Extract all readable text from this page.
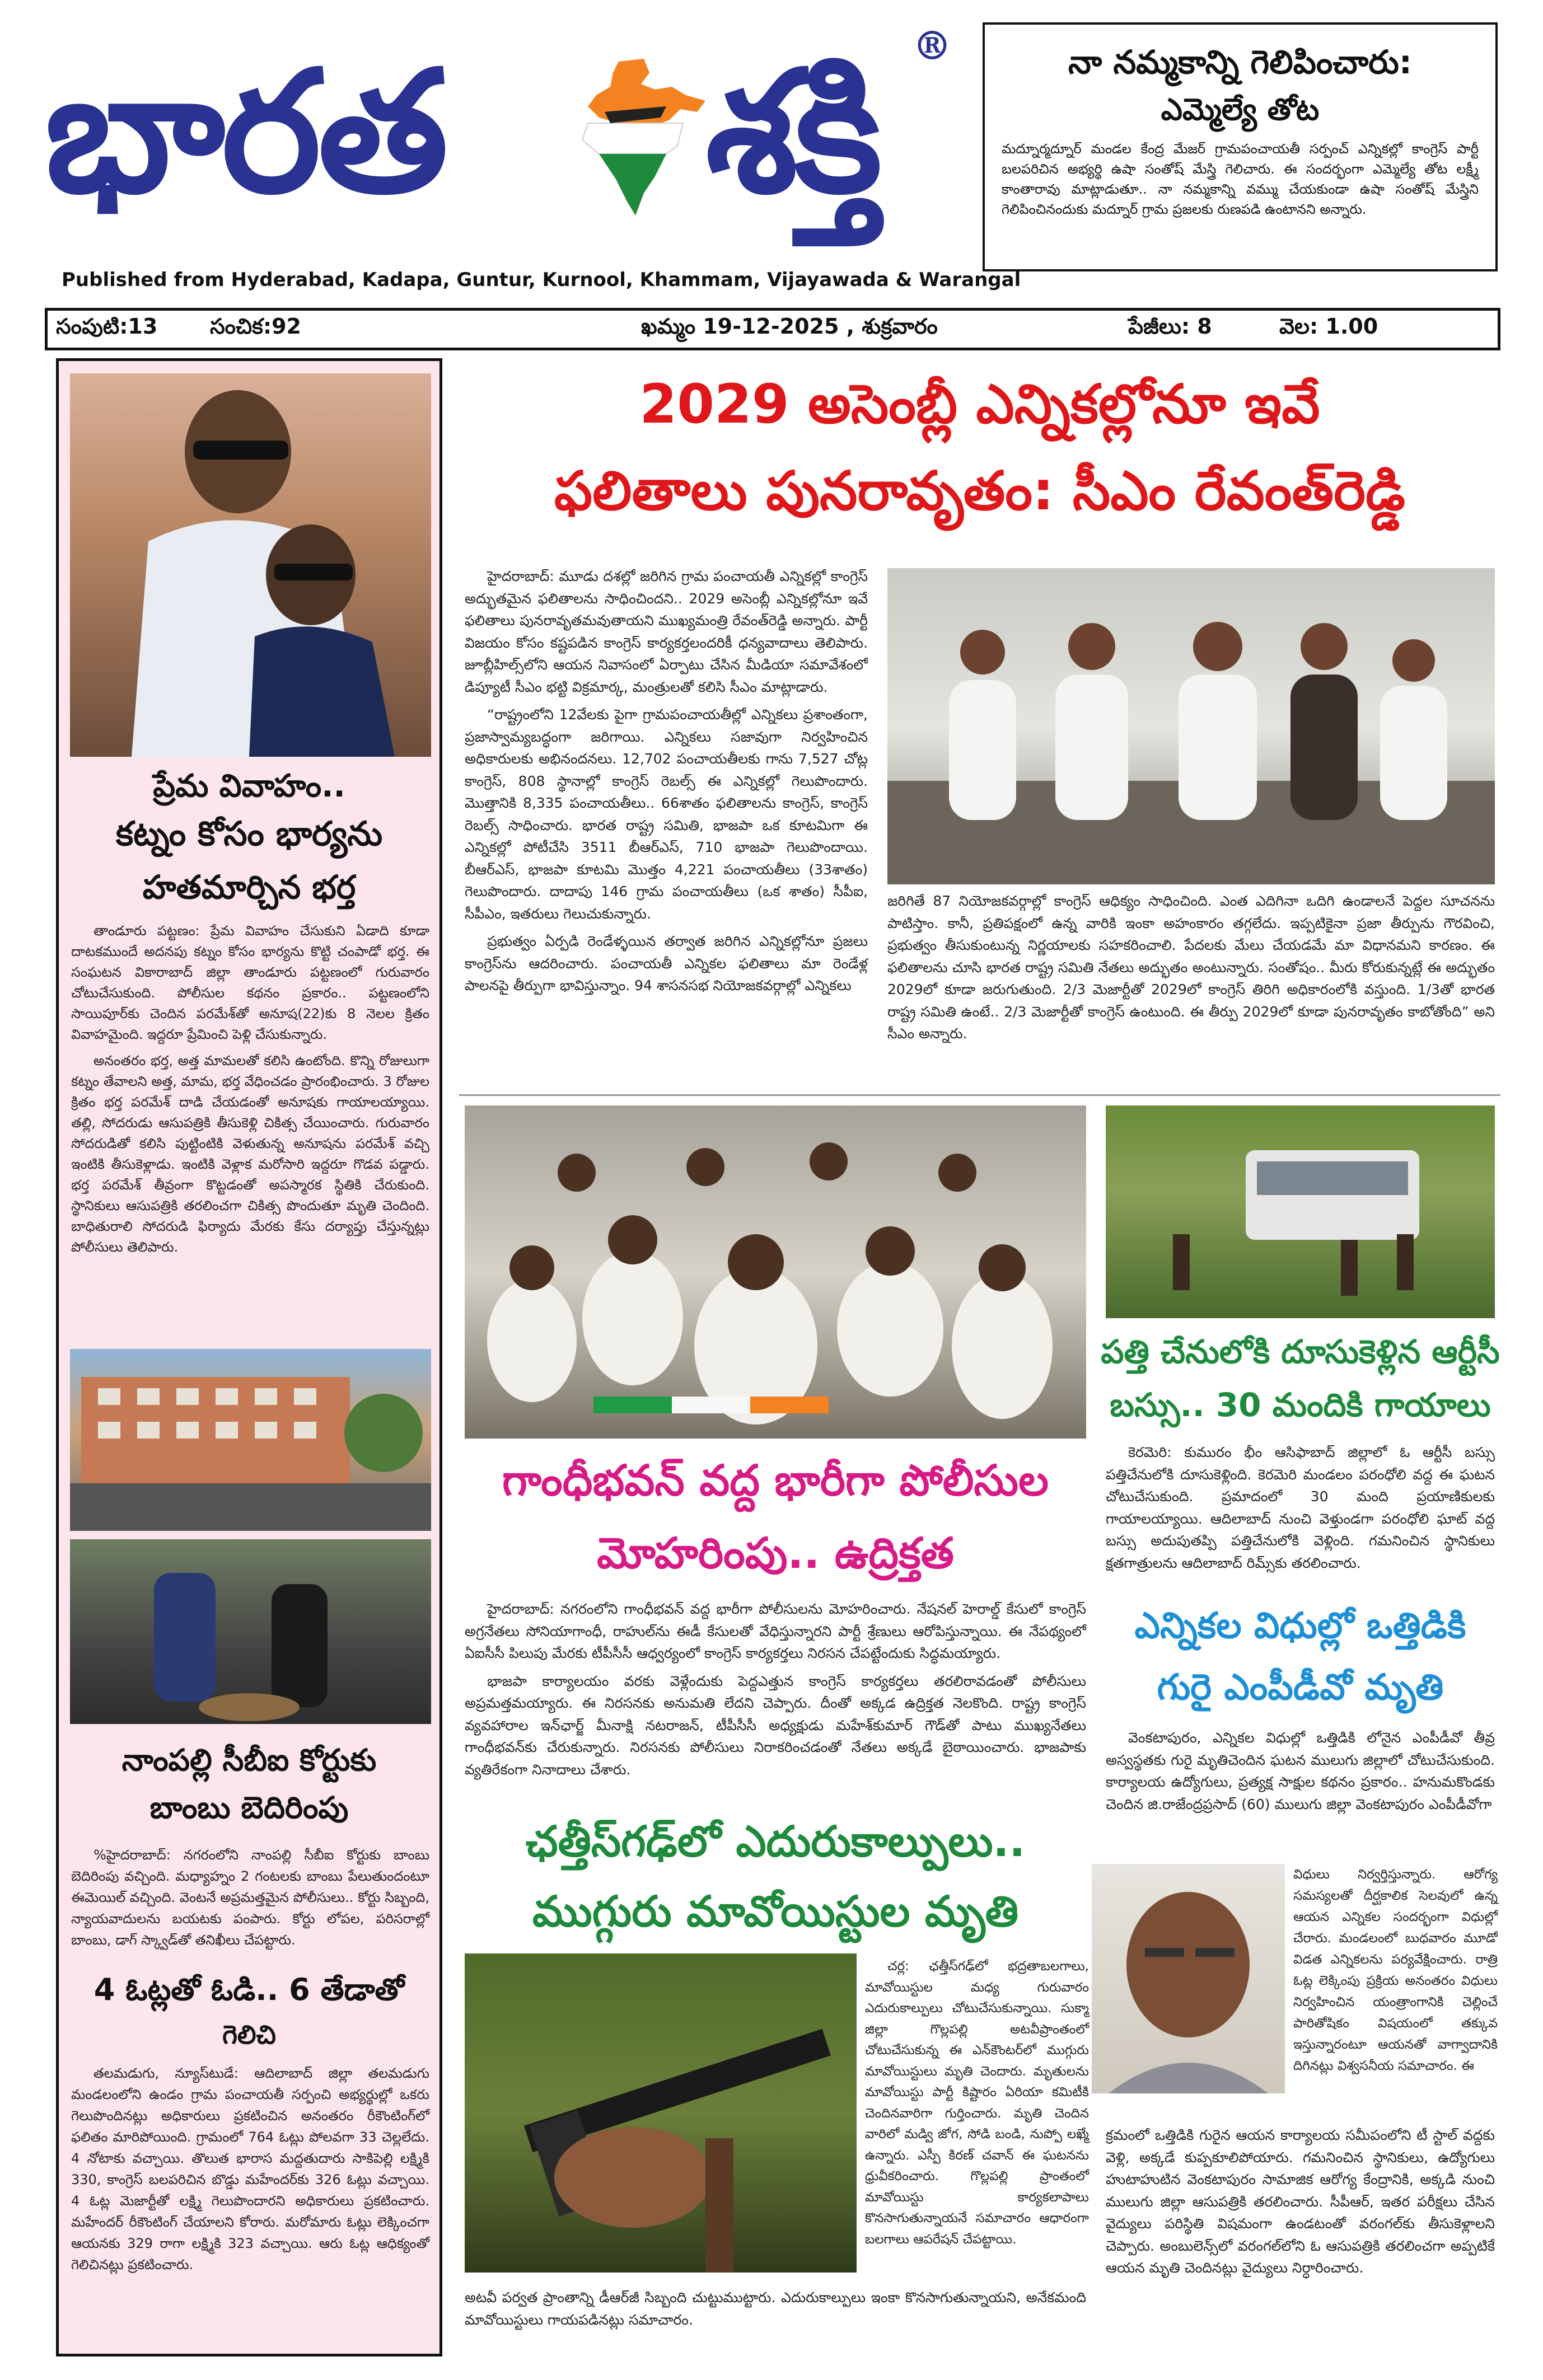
భారత శక్తి ®
Published from Hyderabad, Kadapa, Guntur, Kurnool, Khammam, Vijayawada & Warangal
నా నమ్మకాన్ని గెలిపించారు:
ఎమ్మెల్యే తోట
మద్నూర్మద్నూర్ మండల కేంద్ర మేజర్ గ్రామపంచాయతీ సర్పంచ్ ఎన్నికల్లో కాంగ్రెస్ పార్టీ బలపరిచిన అభ్యర్థి ఉషా సంతోష్ మేస్త్రి గెలిచారు. ఈ సందర్భంగా ఎమ్మెల్యే తోట లక్ష్మీ కాంతారావు మాట్లాడుతూ.. నా నమ్మకాన్ని వమ్ము చేయకుండా ఉషా సంతోష్ మేస్త్రిని గెలిపించినందుకు మద్నూర్ గ్రామ ప్రజలకు రుణపడి ఉంటానని అన్నారు.
సంపుటి:13 సంచిక:92	ఖమ్మం 19-12-2025 , శుక్రవారం	పేజీలు: 8	వెల: 1.00
ప్రేమ వివాహం..
కట్నం కోసం భార్యను
హతమార్చిన భర్త

తాండూరు పట్టణం: ప్రేమ వివాహం చేసుకుని ఏడాది కూడా దాటకముందే అదనపు కట్నం కోసం భార్యను కొట్టి చంపాడో భర్త. ఈ సంఘటన వికారాబాద్ జిల్లా తాండూరు పట్టణంలో గురువారం చోటుచేసుకుంది. పోలీసుల కథనం ప్రకారం.. పట్టణంలోని సాయిపూర్‌కు చెందిన పరమేశ్‌తో అనూష(22)కు 8 నెలల క్రితం వివాహమైంది. ఇద్దరూ ప్రేమించి పెళ్లి చేసుకున్నారు.

అనంతరం భర్త, అత్త మామలతో కలిసి ఉంటోంది. కొన్ని రోజులుగా కట్నం తేవాలని అత్త, మామ, భర్త వేధించడం ప్రారంభించారు. 3 రోజుల క్రితం భర్త పరమేశ్ దాడి చేయడంతో అనూషకు గాయాలయ్యాయి. తల్లి, సోదరుడు ఆసుపత్రికి తీసుకెళ్లి చికిత్స చేయించారు. గురువారం సోదరుడితో కలిసి పుట్టింటికి వెళుతున్న అనూషను పరమేశ్ వచ్చి ఇంటికి తీసుకెళ్లాడు. ఇంటికి వెళ్లాక మరోసారి ఇద్దరూ గొడవ పడ్డారు. భర్త పరమేశ్ తీవ్రంగా కొట్టడంతో అపస్మారక స్థితికి చేరుకుంది. స్థానికులు ఆసుపత్రికి తరలించగా చికిత్స పొందుతూ మృతి చెందింది. బాధితురాలి సోదరుడి ఫిర్యాదు మేరకు కేసు దర్యాప్తు చేస్తున్నట్లు పోలీసులు తెలిపారు.

నాంపల్లి సీబీఐ కోర్టుకు
బాంబు బెదిరింపు

%హైదరాబాద్: నగరంలోని నాంపల్లి సీబీఐ కోర్టుకు బాంబు బెదిరింపు వచ్చింది. మధ్యాహ్నం 2 గంటలకు బాంబు పేలుతుందంటూ ఈమెయిల్ వచ్చింది. వెంటనే అప్రమత్తమైన పోలీసులు.. కోర్టు సిబ్బంది, న్యాయవాదులను బయటకు పంపారు. కోర్టు లోపల, పరిసరాల్లో బాంబు, డాగ్ స్క్వాడ్‌తో తనిఖీలు చేపట్టారు.

4 ఓట్లతో ఓడి.. 6 తేడాతో
గెలిచి

తలమడుగు, న్యూస్‌టుడే: ఆదిలాబాద్ జిల్లా తలమడుగు మండలంలోని ఉండం గ్రామ పంచాయతీ సర్పంచి అభ్యర్థుల్లో ఒకరు గెలుపొందినట్లు అధికారులు ప్రకటించిన అనంతరం రీకౌంటింగ్‌లో ఫలితం మారిపోయింది. గ్రామంలో 764 ఓట్లు పోలవగా 33 చెల్లలేదు. 4 నోటాకు వచ్చాయి. తొలుత భారాస మద్దతుదారు సాకిపెల్లి లక్ష్మికి 330, కాంగ్రెస్ బలపరిచిన బొడ్డు మహేందర్‌కు 326 ఓట్లు వచ్చాయి. 4 ఓట్ల మెజార్టీతో లక్ష్మి గెలుపొందారని అధికారులు ప్రకటించారు. మహేందర్ రీకౌంటింగ్ చేయాలని కోరారు. మరోమారు ఓట్లు లెక్కించగా ఆయనకు 329 రాగా లక్ష్మికి 323 వచ్చాయి. ఆరు ఓట్ల ఆధిక్యంతో గెలిచినట్లు ప్రకటించారు.

2029 అసెంబ్లీ ఎన్నికల్లోనూ ఇవే
ఫలితాలు పునరావృతం: సీఎం రేవంత్‌రెడ్డి

హైదరాబాద్: మూడు దశల్లో జరిగిన గ్రామ పంచాయతీ ఎన్నికల్లో కాంగ్రెస్ అద్భుతమైన ఫలితాలను సాధించిందని.. 2029 అసెంబ్లీ ఎన్నికల్లోనూ ఇవే ఫలితాలు పునరావృతమవుతాయని ముఖ్యమంత్రి రేవంత్‌రెడ్డి అన్నారు. పార్టీ విజయం కోసం కష్టపడిన కాంగ్రెస్ కార్యకర్తలందరికీ ధన్యవాదాలు తెలిపారు. జూబ్లీహిల్స్‌లోని ఆయన నివాసంలో ఏర్పాటు చేసిన మీడియా సమావేశంలో డిప్యూటీ సీఎం భట్టి విక్రమార్క, మంత్రులతో కలిసి సీఎం మాట్లాడారు.

“రాష్ట్రంలోని 12వేలకు పైగా గ్రామపంచాయతీల్లో ఎన్నికలు ప్రశాంతంగా, ప్రజాస్వామ్యబద్ధంగా జరిగాయి. ఎన్నికలు సజావుగా నిర్వహించిన అధికారులకు అభినందనలు. 12,702 పంచాయతీలకు గాను 7,527 చోట్ల కాంగ్రెస్, 808 స్థానాల్లో కాంగ్రెస్ రెబల్స్ ఈ ఎన్నికల్లో గెలుపొందారు. మొత్తానికి 8,335 పంచాయతీలు.. 66శాతం ఫలితాలను కాంగ్రెస్, కాంగ్రెస్ రెబల్స్ సాధించారు. భారత రాష్ట్ర సమితి, భాజపా ఒక కూటమిగా ఈ ఎన్నికల్లో పోటీచేసి 3511 బీఆర్ఎస్, 710 భాజపా గెలుపొందాయి. బీఆర్ఎస్, భాజపా కూటమి మొత్తం 4,221 పంచాయతీలు (33శాతం) గెలుపొందారు. దాదాపు 146 గ్రామ పంచాయతీలు (ఒక శాతం) సీపీఐ, సీపీఎం, ఇతరులు గెలుచుకున్నారు.

ప్రభుత్వం ఏర్పడి రెండేళ్ళయిన తర్వాత జరిగిన ఎన్నికల్లోనూ ప్రజలు కాంగ్రెస్‌ను ఆదరించారు. పంచాయతీ ఎన్నికల ఫలితాలు మా రెండేళ్ల పాలనపై తీర్పుగా భావిస్తున్నాం. 94 శాసనసభ నియోజకవర్గాల్లో ఎన్నికలు

జరిగితే 87 నియోజకవర్గాల్లో కాంగ్రెస్ ఆధిక్యం సాధించింది. ఎంత ఎదిగినా ఒదిగి ఉండాలనే పెద్దల సూచనను పాటిస్తాం. కానీ, ప్రతిపక్షంలో ఉన్న వారికి ఇంకా అహంకారం తగ్గలేదు. ఇప్పటికైనా ప్రజా తీర్పును గౌరవించి, ప్రభుత్వం తీసుకుంటున్న నిర్ణయాలకు సహకరించాలి. పేదలకు మేలు చేయడమే మా విధానమని కారణం. ఈ ఫలితాలను చూసి భారత రాష్ట్ర సమితి నేతలు అద్భుతం అంటున్నారు. సంతోషం.. మీరు కోరుకున్నట్లే ఈ అద్భుతం 2029లో కూడా జరుగుతుంది. 2/3 మెజార్టీతో 2029లో కాంగ్రెస్ తిరిగి అధికారంలోకి వస్తుంది. 1/3తో భారత రాష్ట్ర సమితి ఉంటే.. 2/3 మెజార్టీతో కాంగ్రెస్ ఉంటుంది. ఈ తీర్పు 2029లో కూడా పునరావృతం కాబోతోంది” అని సీఎం అన్నారు.

గాంధీభవన్ వద్ద భారీగా పోలీసుల
మోహరింపు.. ఉద్రిక్తత

హైదరాబాద్: నగరంలోని గాంధీభవన్ వద్ద భారీగా పోలీసులను మోహరించారు. నేషనల్ హెరాల్డ్ కేసులో కాంగ్రెస్ అగ్రనేతలు సోనియాగాంధీ, రాహుల్‌ను ఈడీ కేసులతో వేధిస్తున్నారని పార్టీ శ్రేణులు ఆరోపిస్తున్నాయి. ఈ నేపథ్యంలో ఏఐసీసీ పిలుపు మేరకు టీపీసీసీ ఆధ్వర్యంలో కాంగ్రెస్ కార్యకర్తలు నిరసన చేపట్టేందుకు సిద్ధమయ్యారు.

భాజపా కార్యాలయం వరకు వెళ్లేందుకు పెద్దఎత్తున కాంగ్రెస్ కార్యకర్తలు తరలిరావడంతో పోలీసులు అప్రమత్తమయ్యారు. ఈ నిరసనకు అనుమతి లేదని చెప్పారు. దీంతో అక్కడ ఉద్రిక్తత నెలకొంది. రాష్ట్ర కాంగ్రెస్ వ్యవహారాల ఇన్‌ఛార్జ్ మీనాక్షి నటరాజన్, టీపీసీసీ అధ్యక్షుడు మహేశ్‌కుమార్ గౌడ్‌తో పాటు ముఖ్యనేతలు గాంధీభవన్‌కు చేరుకున్నారు. నిరసనకు పోలీసులు నిరాకరించడంతో నేతలు అక్కడే బైఠాయించారు. భాజపాకు వ్యతిరేకంగా నినాదాలు చేశారు.

పత్తి చేనులోకి దూసుకెళ్లిన ఆర్టీసీ
బస్సు.. 30 మందికి గాయాలు

కెరమెరి: కుమురం భీం ఆసిఫాబాద్ జిల్లాలో ఓ ఆర్టీసీ బస్సు పత్తిచేనులోకి దూసుకెళ్లింది. కెరమెరి మండలం పరంధోలి వద్ద ఈ ఘటన చోటుచేసుకుంది. ప్రమాదంలో 30 మంది ప్రయాణికులకు గాయాలయ్యాయి. ఆదిలాబాద్ నుంచి వెళ్తుండగా పరంధోలి ఘాట్ వద్ద బస్సు అదుపుతప్పి పత్తిచేనులోకి వెళ్లింది. గమనించిన స్థానికులు క్షతగాత్రులను ఆదిలాబాద్ రిమ్స్‌కు తరలించారు.

ఎన్నికల విధుల్లో ఒత్తిడికి
గురై ఎంపీడీవో మృతి

వెంకటాపురం, ఎన్నికల విధుల్లో ఒత్తిడికి లోనైన ఎంపీడీవో తీవ్ర అస్వస్థతకు గురై మృతిచెందిన ఘటన ములుగు జిల్లాలో చోటుచేసుకుంది. కార్యాలయ ఉద్యోగులు, ప్రత్యక్ష సాక్షుల కథనం ప్రకారం.. హనుమకొండకు చెందిన జి.రాజేంద్రప్రసాద్ (60) ములుగు జిల్లా వెంకటాపురం ఎంపీడీవోగా

విధులు నిర్వర్తిస్తున్నారు. ఆరోగ్య సమస్యలతో దీర్ఘకాలిక సెలవులో ఉన్న ఆయన ఎన్నికల సందర్భంగా విధుల్లో చేరారు. మండలంలో బుధవారం మూడో విడత ఎన్నికలను పర్యవేక్షించారు. రాత్రి ఓట్ల లెక్కింపు ప్రక్రియ అనంతరం విధులు నిర్వహించిన యంత్రాంగానికి చెల్లించే పారితోషికం విషయంలో తక్కువ ఇస్తున్నారంటూ ఆయనతో వాగ్వాదానికి దిగినట్లు విశ్వసనీయ సమాచారం. ఈ

క్రమంలో ఒత్తిడికి గురైన ఆయన కార్యాలయ సమీపంలోని టీ స్టాల్ వద్దకు వెళ్లి, అక్కడే కుప్పకూలిపోయారు. గమనించిన స్థానికులు, ఉద్యోగులు హుటాహుటిన వెంకటాపురం సామాజిక ఆరోగ్య కేంద్రానికి, అక్కడి నుంచి ములుగు జిల్లా ఆసుపత్రికి తరలించారు. సీపీఆర్, ఇతర పరీక్షలు చేసిన వైద్యులు పరిస్థితి విషమంగా ఉండటంతో వరంగల్‌కు తీసుకెళ్లాలని చెప్పారు. అంబులెన్స్‌లో వరంగల్‌లోని ఓ ఆసుపత్రికి తరలించగా అప్పటికే ఆయన మృతి చెందినట్లు వైద్యులు నిర్ధారించారు.

ఛత్తీస్‌గఢ్‌లో ఎదురుకాల్పులు..
ముగ్గురు మావోయిస్టుల మృతి

చర్ల: ఛత్తీస్‌గఢ్‌లో భద్రతాబలగాలు, మావోయిస్టుల మధ్య గురువారం ఎదురుకాల్పులు చోటుచేసుకున్నాయి. సుక్మా జిల్లా గొల్లపల్లి అటవీప్రాంతంలో చోటుచేసుకున్న ఈ ఎన్‌కౌంటర్‌లో ముగ్గురు మావోయిస్టులు మృతి చెందారు. మృతులను మావోయిస్టు పార్టీ కిష్టారం ఏరియా కమిటీకి చెందినవారిగా గుర్తించారు. మృతి చెందిన వారిలో మడ్వి జోగ, సోడి బండి, నుప్పో లఖ్మే ఉన్నారు. ఎస్పీ కిరణ్ చవాన్ ఈ ఘటనను ధ్రువీకరించారు. గొల్లపల్లి ప్రాంతంలో మావోయిస్టు కార్యకలాపాలు కొనసాగుతున్నాయనే సమాచారం ఆధారంగా బలగాలు ఆపరేషన్ చేపట్టాయి.

అటవీ పర్వత ప్రాంతాన్ని డీఆర్‌జీ సిబ్బంది చుట్టుముట్టారు. ఎదురుకాల్పులు ఇంకా కొనసాగుతున్నాయని, అనేకమంది మావోయిస్టులు గాయపడినట్లు సమాచారం.
